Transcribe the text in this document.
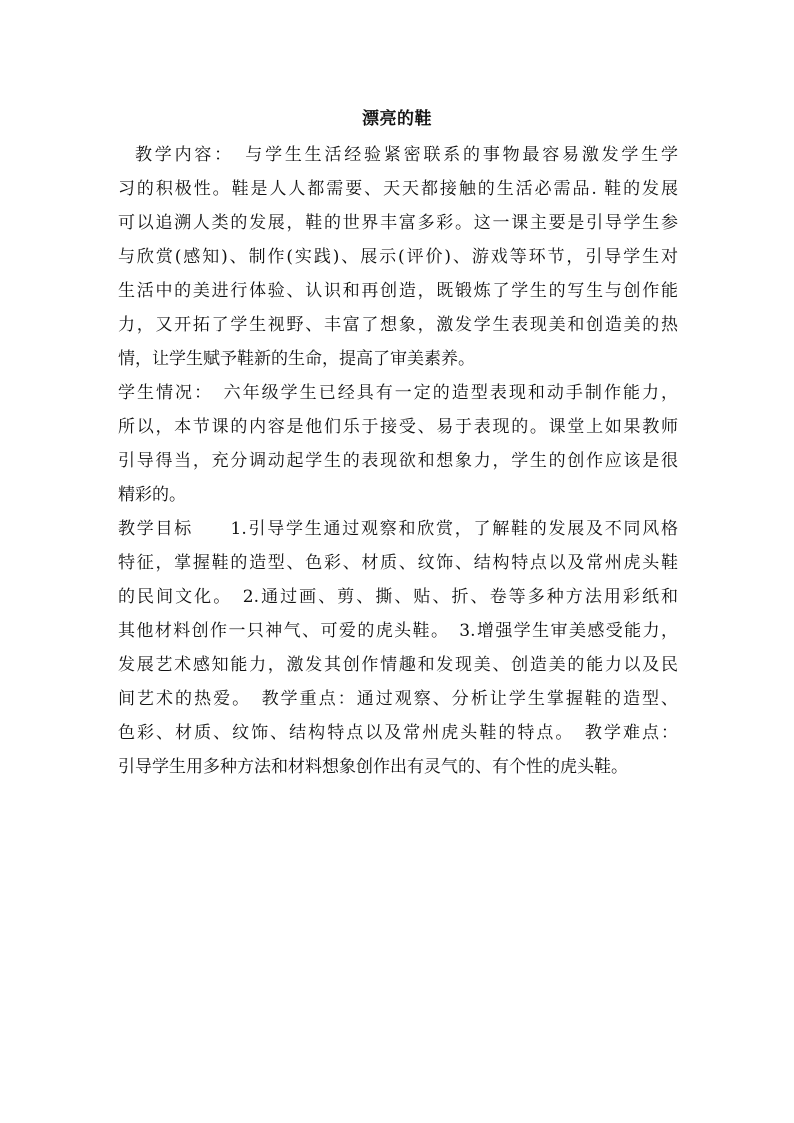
漂亮的鞋
教学内容：　与学生生活经验紧密联系的事物最容易激发学生学
习的积极性。鞋是人人都需要、天天都接触的生活必需品. 鞋的发展
可以追溯人类的发展，鞋的世界丰富多彩。这一课主要是引导学生参
与欣赏(感知)、制作(实践)、展示(评价)、游戏等环节，引导学生对
生活中的美进行体验、认识和再创造，既锻炼了学生的写生与创作能
力，又开拓了学生视野、丰富了想象，激发学生表现美和创造美的热
情，让学生赋予鞋新的生命，提高了审美素养。
学生情况：　六年级学生已经具有一定的造型表现和动手制作能力，
所以，本节课的内容是他们乐于接受、易于表现的。课堂上如果教师
引导得当，充分调动起学生的表现欲和想象力，学生的创作应该是很
精彩的。
教学目标　　1.引导学生通过观察和欣赏，了解鞋的发展及不同风格
特征，掌握鞋的造型、色彩、材质、纹饰、结构特点以及常州虎头鞋
的民间文化。　2.通过画、剪、撕、贴、折、卷等多种方法用彩纸和
其他材料创作一只神气、可爱的虎头鞋。　3.增强学生审美感受能力，
发展艺术感知能力，激发其创作情趣和发现美、创造美的能力以及民
间艺术的热爱。　教学重点：通过观察、分析让学生掌握鞋的造型、
色彩、材质、纹饰、结构特点以及常州虎头鞋的特点。　教学难点：
引导学生用多种方法和材料想象创作出有灵气的、有个性的虎头鞋。
